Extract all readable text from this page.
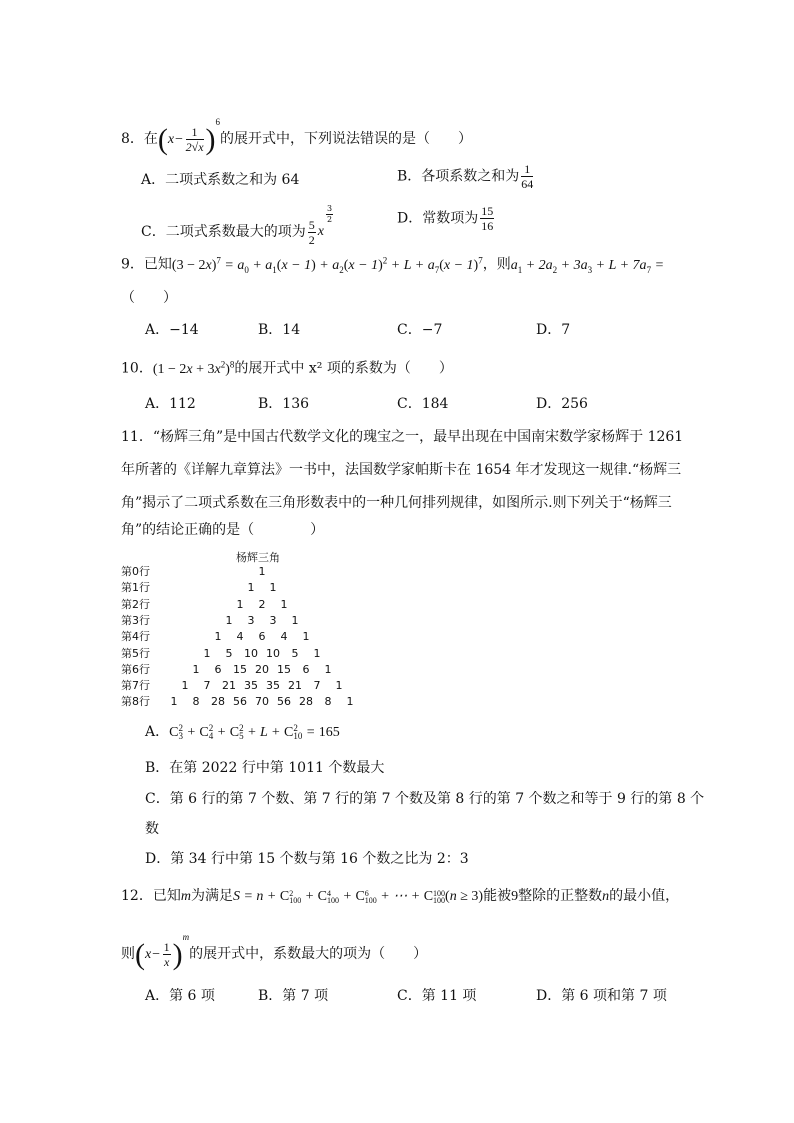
8．在$(x- \frac{1}{2√x} )^6$的展开式中，下列说法错误的是（　　）
A．二项式系数之和为 64	B．各项系数之和为 $\frac{1}{64}$
C．二项式系数最大的项为 $\frac{5}{2}$ x
$\frac{3}{2}$	D．常数项为 $\frac{15}{16}$
9．已知$(3 - 2x)^7 = a_0 + a_1(x - 1) + a_2(x - 1)^2 + L + a_7(x - 1)^7$，则$a_1 + 2a_2 + 3a_3 + L + 7a_7$ =
（　　）
A．−14	B．14	C．−7	D．7
10．$(1 - 2x + 3x^2)^8$的展开式中 x² 项的系数为（　　）
A．112	B．136	C．184	D．256
11．“杨辉三角”是中国古代数学文化的瑰宝之一，最早出现在中国南宋数学家杨辉于 1261
年所著的《详解九章算法》一书中，法国数学家帕斯卡在 1654 年才发现这一规律.“杨辉三
角”揭示了二项式系数在三角形数表中的一种几何排列规律，如图所示.则下列关于“杨辉三
角”的结论正确的是（　　　　）
杨辉三角
第0行	1
第1行	1	1
第2行	1	2	1
第3行	1	3	3	1
第4行	1	4	6	4	1
第5行	1	5	10 10	5	1
第6行	1	6	15 20 15	6	1
第7行	1	7	21 35 35 21	7	1
第8行	1	8	28 56 70 56 28	8	1
A．C 2
3 + C 2
4 + C 2
5 + L + C 2
10 = 165
B．在第 2022 行中第 1011 个数最大
C．第 6 行的第 7 个数、第 7 行的第 7 个数及第 8 行的第 7 个数之和等于 9 行的第 8 个
数
D．第 34 行中第 15 个数与第 16 个数之比为 2：3
12．已知m为满足S = n + C 2
100 + C 4
100 + C 6
100 + ⋯ + C 100
100 (n ≥ 3)能被9整除的正整数n的最小值，
则$(x- \frac{1}{x} )^m$的展开式中，系数最大的项为（　　）
A．第 6 项	B．第 7 项	C．第 11 项	D．第 6 项和第 7 项
